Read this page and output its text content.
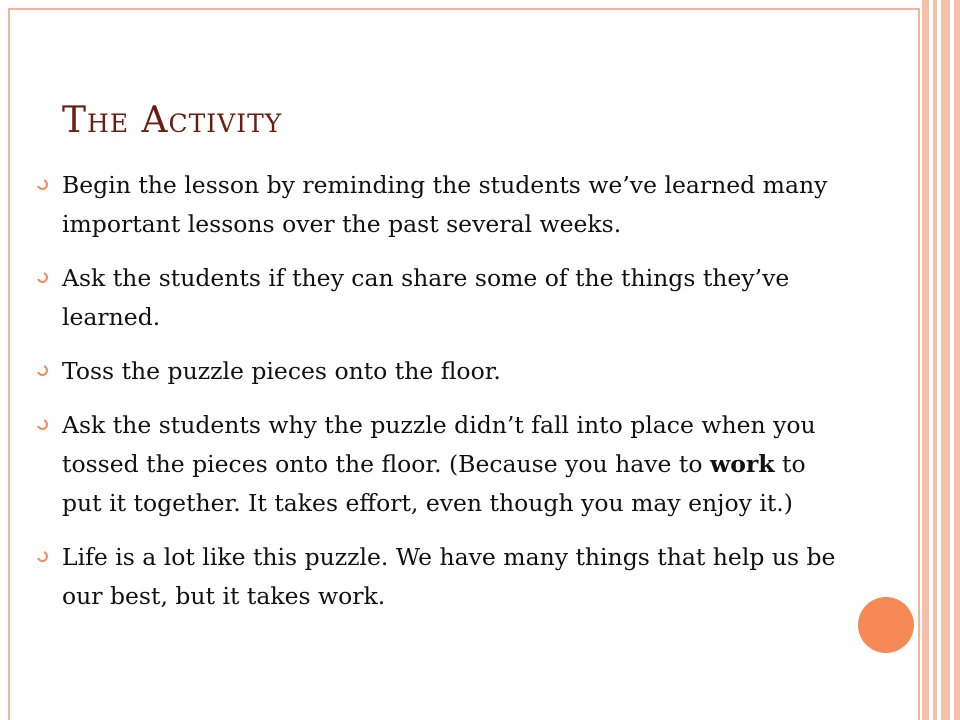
The Activity
Begin the lesson by reminding the students we’ve learned many important lessons over the past several weeks.
Ask the students if they can share some of the things they’ve learned.
Toss the puzzle pieces onto the floor.
Ask the students why the puzzle didn’t fall into place when you tossed the pieces onto the floor. (Because you have to work to put it together. It takes effort, even though you may enjoy it.)
Life is a lot like this puzzle. We have many things that help us be our best, but it takes work.
